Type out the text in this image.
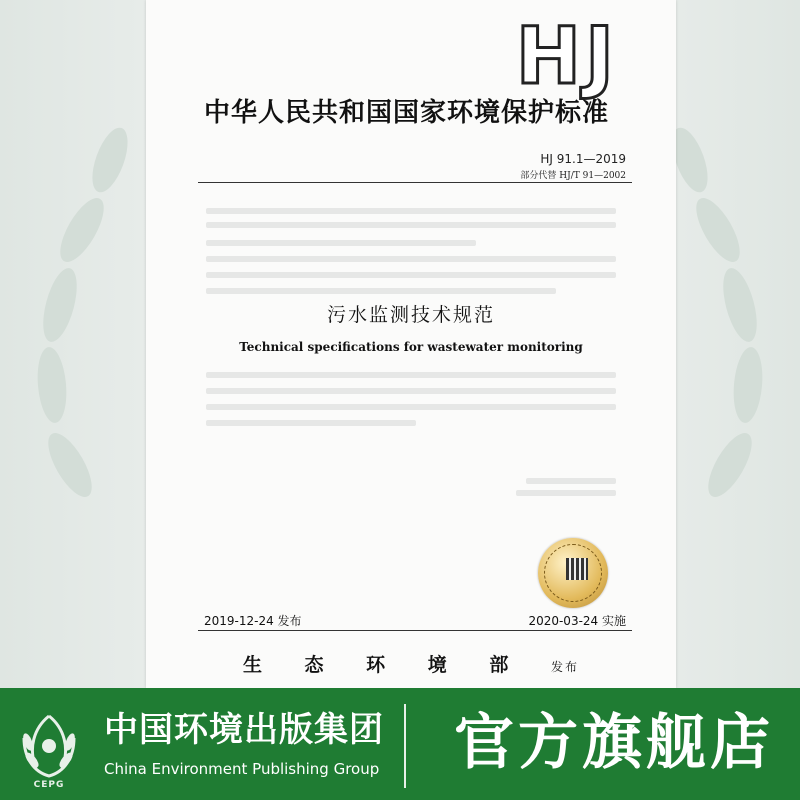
HJ
中华人民共和国国家环境保护标准
HJ 91.1—2019
部分代替 HJ/T 91—2002
污水监测技术规范
Technical specifications for wastewater monitoring
2019-12-24 发布	2020-03-24 实施
生 态 环 境 部 发布
CEPG
中国环境出版集团
China Environment Publishing Group 官方旗舰店
